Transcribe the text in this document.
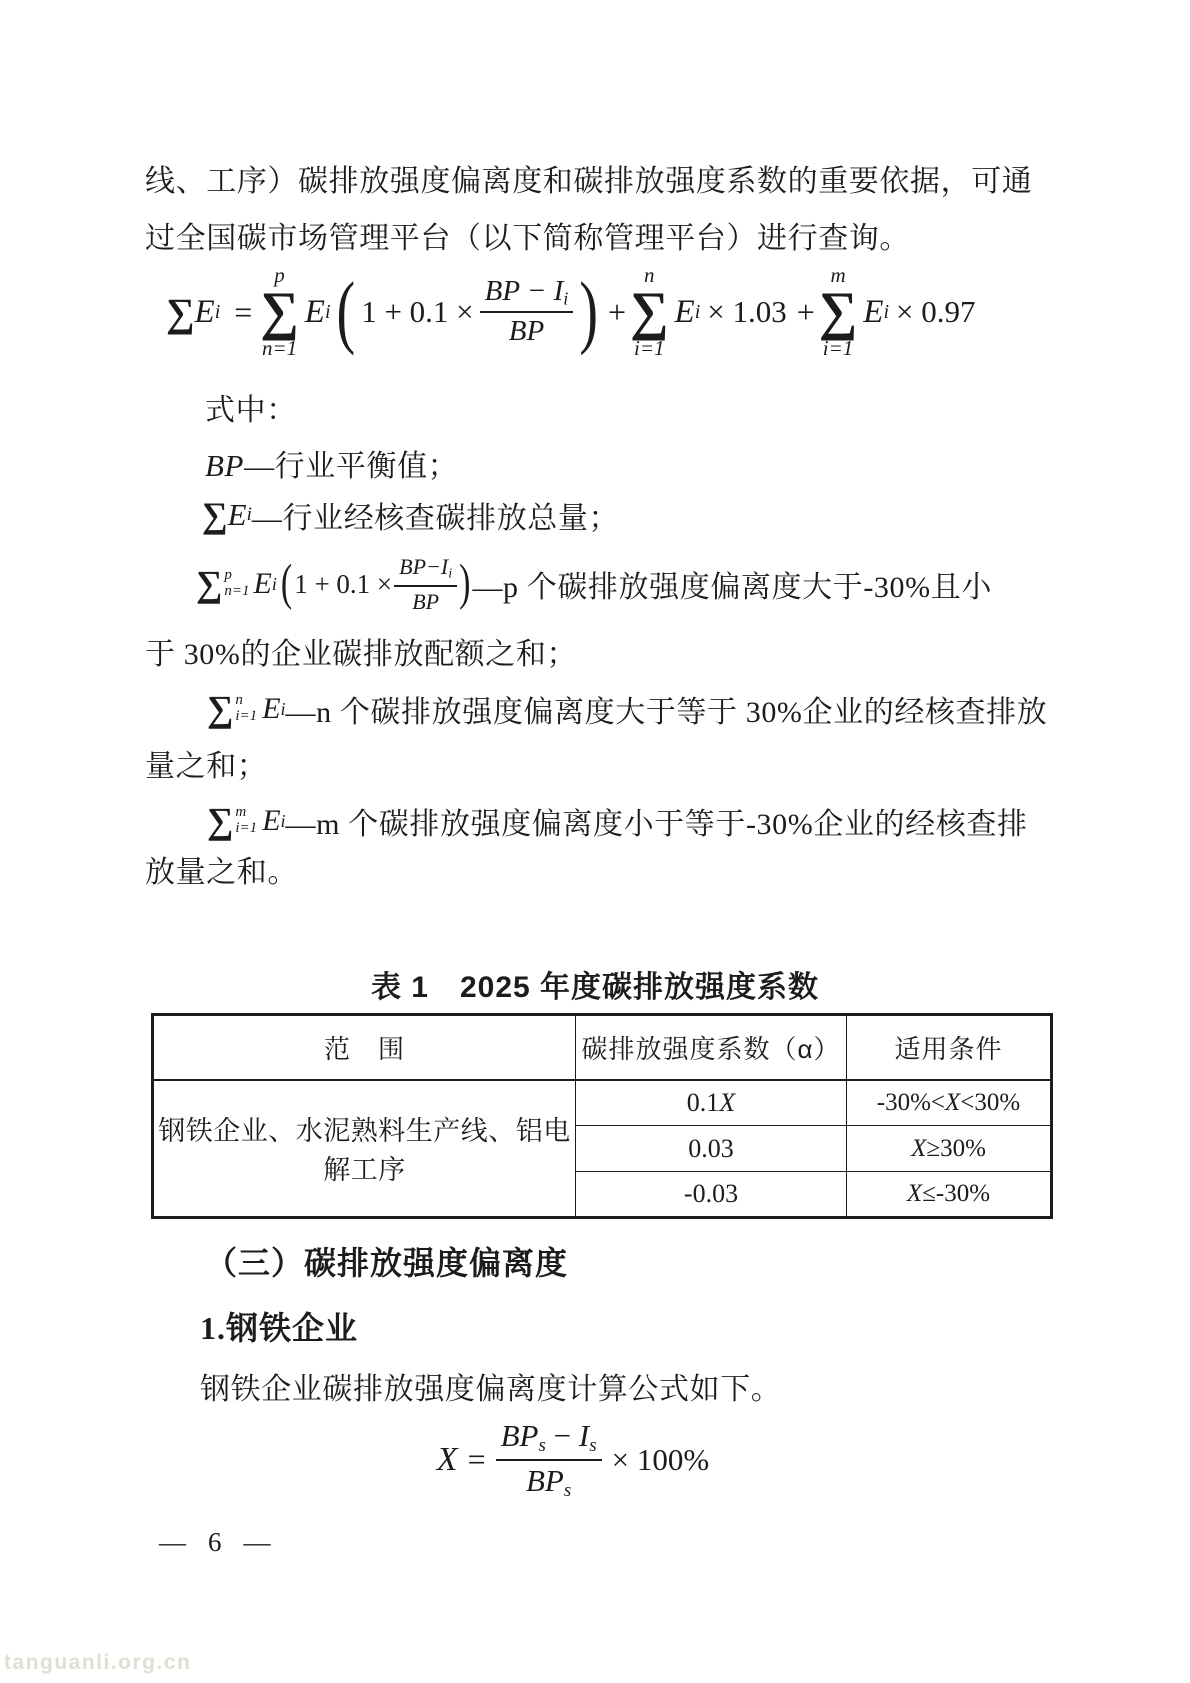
线、工序）碳排放强度偏离度和碳排放强度系数的重要依据，可通
过全国碳市场管理平台（以下简称管理平台）进行查询。
∑ E i =
p
∑
n=1
E i ( $1 + 0.1 \times \frac{BP - I_i}{BP}$ ) +
n
∑
i=1
E i × 1.03 +
m
∑
i=1
E i × 0.97
式中：
BP—行业平衡值；
∑ E i —行业经核查碳排放总量；
∑ p
n=1 E i ( $1 + 0.1 \times \frac{BP-I_i}{BP}$ ) —p 个碳排放强度偏离度大于-30%且小
于 30%的企业碳排放配额之和；
∑ n
i=1 E i —n 个碳排放强度偏离度大于等于 30%企业的经核查排放
量之和；
∑ m
i=1 E i —m 个碳排放强度偏离度小于等于-30%企业的经核查排
放量之和。
表 1　2025 年度碳排放强度系数
范　围	碳排放强度系数（α）	适用条件
钢铁企业、水泥熟料生产线、铝电解工序	0.1X	-30%<X<30%
	0.03	X≥30%
	-0.03	X≤-30%
（三）碳排放强度偏离度
1.钢铁企业
钢铁企业碳排放强度偏离度计算公式如下。
$X = \frac{BP_s - I_s}{BP_s} \times 100\%$
— 6 —
tanguanli.org.cn
